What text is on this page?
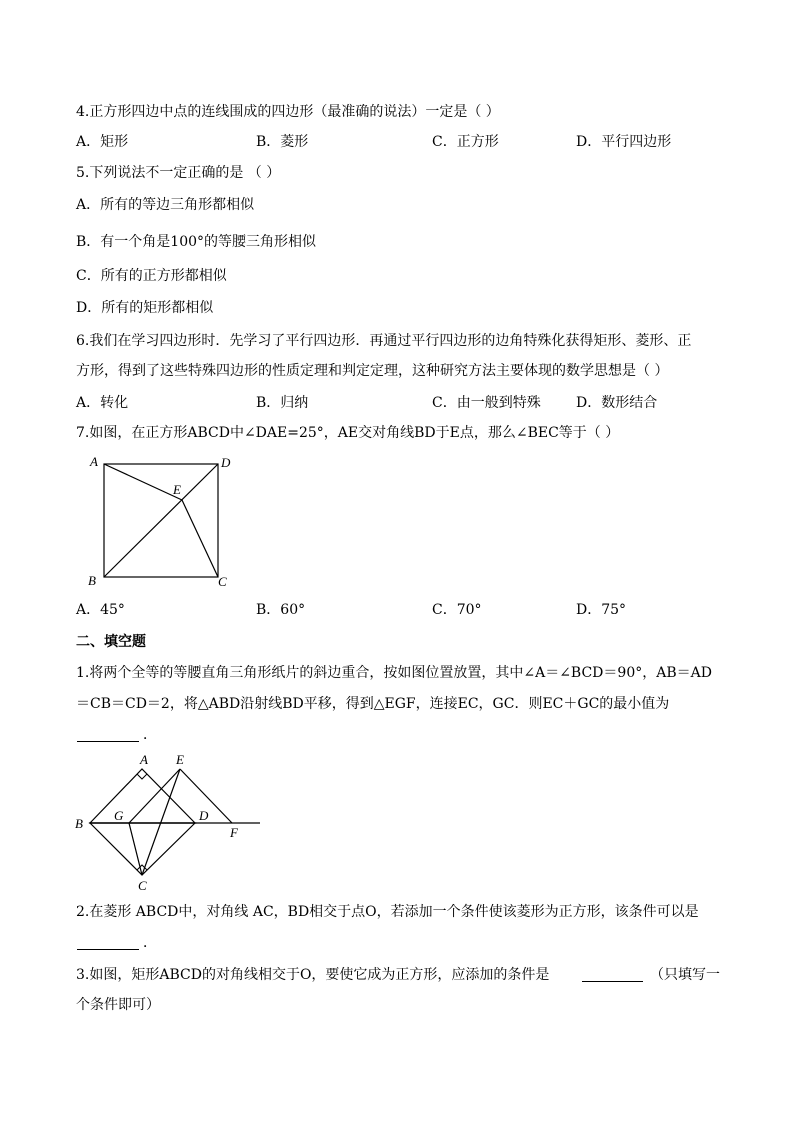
4.正方形四边中点的连线围成的四边形（最准确的说法）一定是（ ）
A．矩形	B．菱形	C．正方形	D．平行四边形
5.下列说法不一定正确的是 （ ）
A．所有的等边三角形都相似
B．有一个角是100°的等腰三角形相似
C．所有的正方形都相似
D．所有的矩形都相似
6.我们在学习四边形时．先学习了平行四边形．再通过平行四边形的边角特殊化获得矩形、菱形、正
方形，得到了这些特殊四边形的性质定理和判定定理，这种研究方法主要体现的数学思想是（ ）
A．转化	B．归纳	C．由一般到特殊	D．数形结合
7.如图，在正方形ABCD中∠DAE=25°，AE交对角线BD于E点，那么∠BEC等于（ ）
A	D
E
B	C
A．45°	B．60°	C．70°	D．75°
二、填空题
1.将两个全等的等腰直角三角形纸片的斜边重合，按如图位置放置，其中∠A＝∠BCD＝90°，AB＝AD
＝CB＝CD＝2，将△ABD沿射线BD平移，得到△EGF，连接EC，GC．则EC＋GC的最小值为
．
A E
B
G	D
F
C
2.在菱形 ABCD中，对角线 AC，BD相交于点O，若添加一个条件使该菱形为正方形，该条件可以是
．
3.如图，矩形ABCD的对角线相交于O，要使它成为正方形，应添加的条件是	（只填写一
个条件即可）
